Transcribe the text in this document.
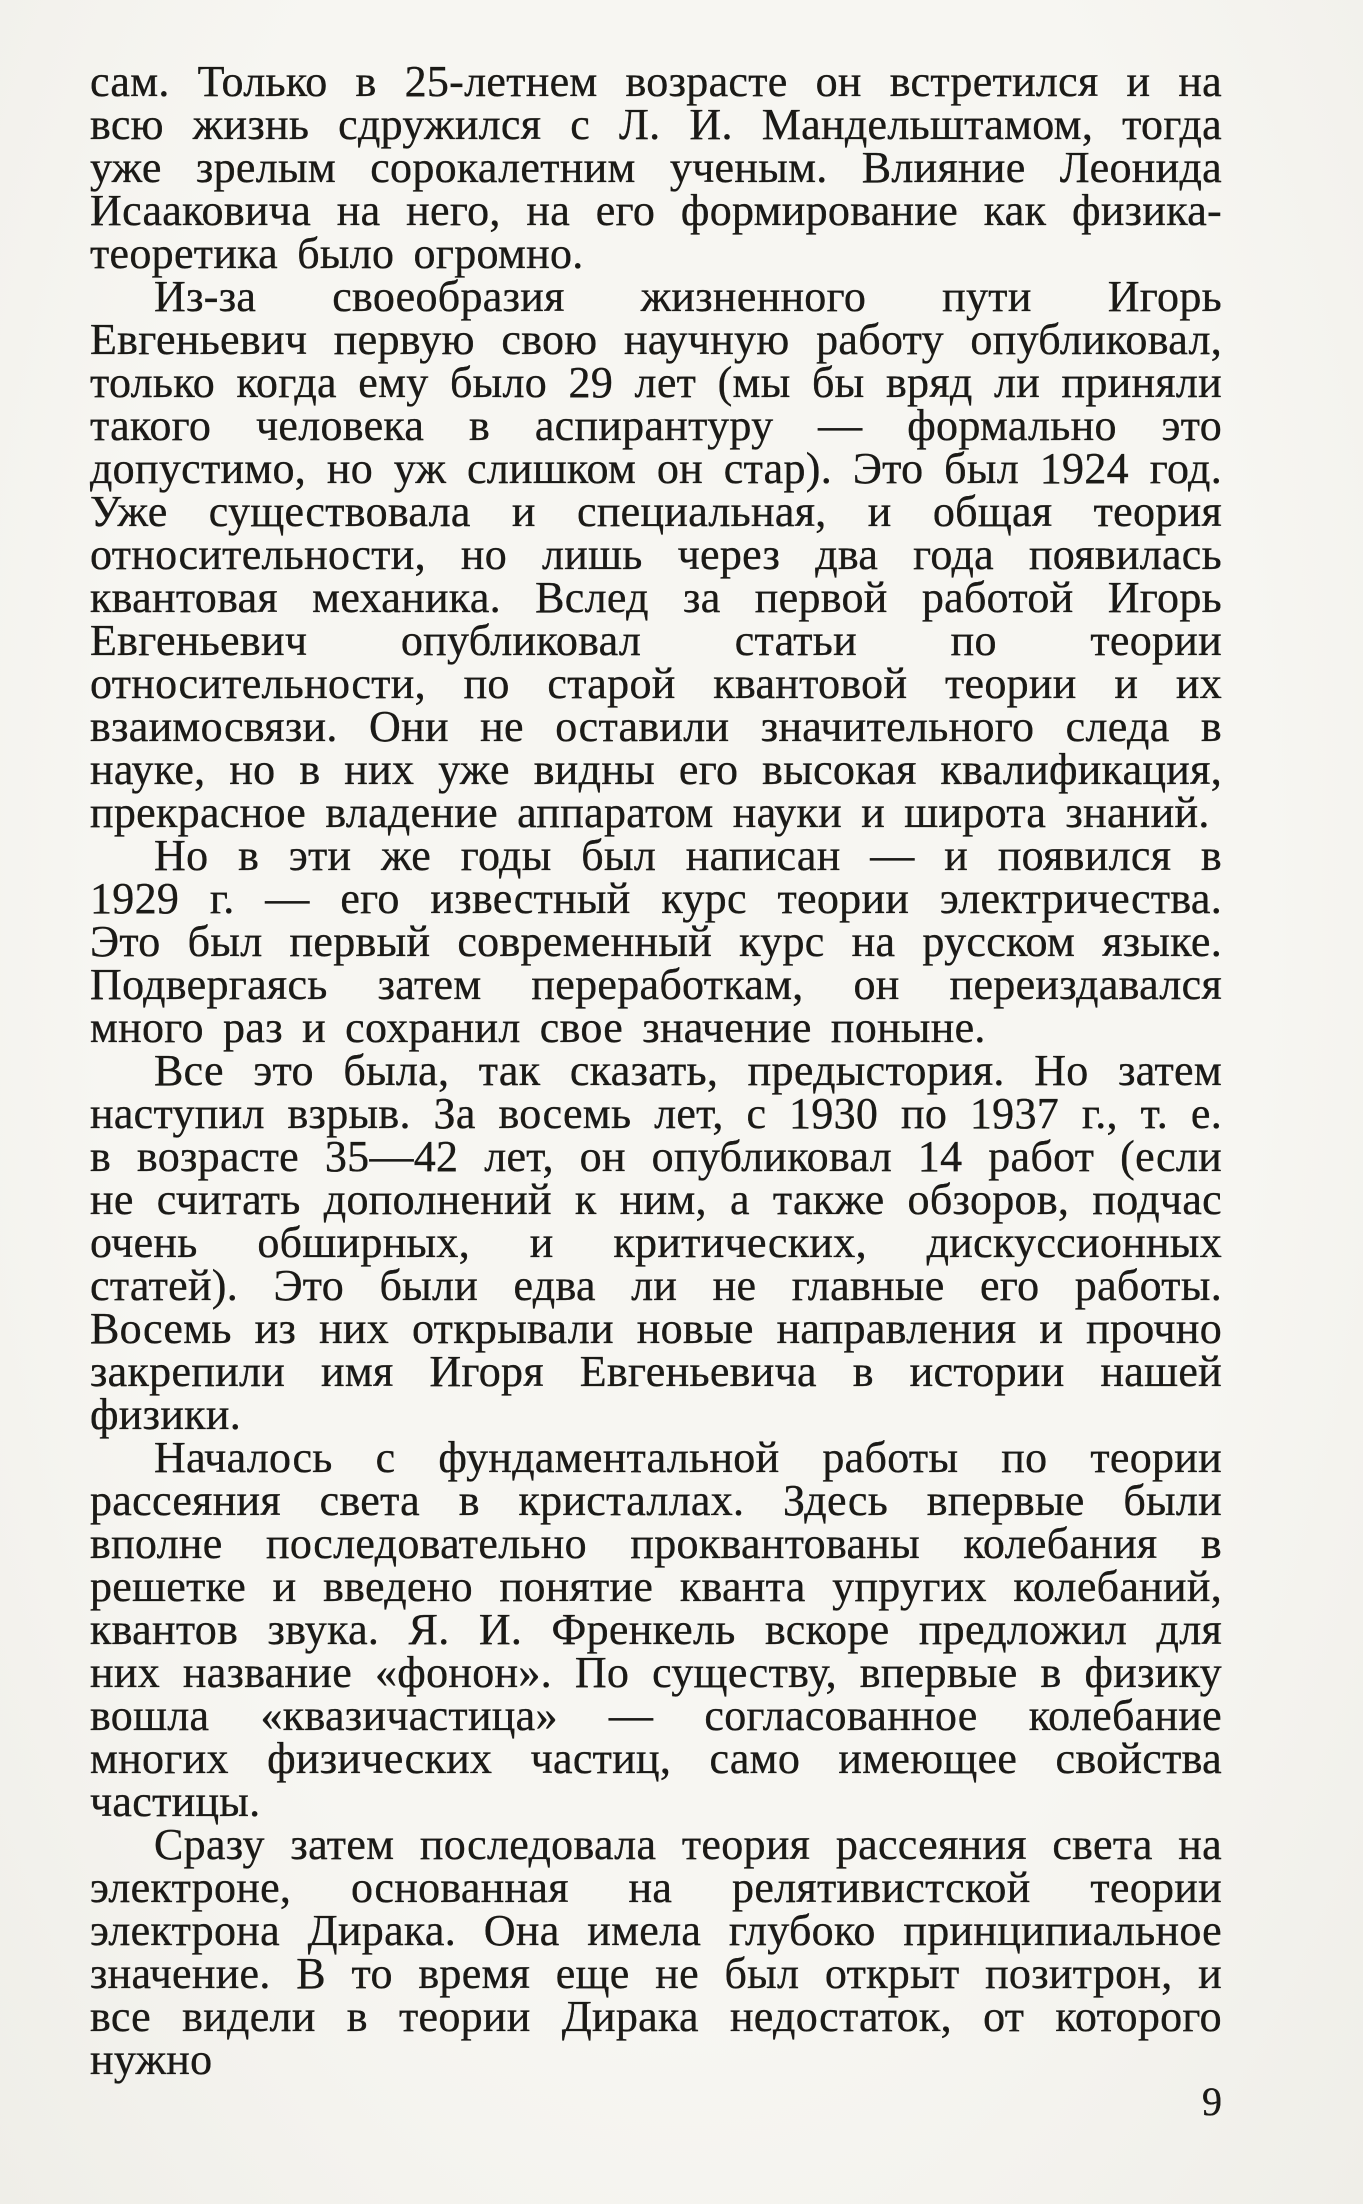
сам. Только в 25-летнем возрасте он встретился и на всю жизнь сдружился с Л. И. Мандельштамом, тогда уже зрелым сорокалетним ученым. Влияние Леонида Исааковича на него, на его формирование как физика-теоретика было огромно.

Из-за своеобразия жизненного пути Игорь Евгеньевич первую свою научную работу опубликовал, только когда ему было 29 лет (мы бы вряд ли приняли такого человека в аспирантуру — формально это допустимо, но уж слишком он стар). Это был 1924 год. Уже существовала и специальная, и общая теория относительности, но лишь через два года появилась квантовая механика. Вслед за первой работой Игорь Евгеньевич опубликовал статьи по теории относительности, по старой квантовой теории и их взаимосвязи. Они не оставили значительного следа в науке, но в них уже видны его высокая квалификация, прекрасное владение аппаратом науки и широта знаний.

Но в эти же годы был написан — и появился в 1929 г. — его известный курс теории электричества. Это был первый современный курс на русском языке. Подвергаясь затем переработкам, он переиздавался много раз и сохранил свое значение поныне.

Все это была, так сказать, предыстория. Но затем наступил взрыв. За восемь лет, с 1930 по 1937 г., т. е. в возрасте 35—42 лет, он опубликовал 14 работ (если не считать дополнений к ним, а также обзоров, подчас очень обширных, и критических, дискуссионных статей). Это были едва ли не главные его работы. Восемь из них открывали новые направления и прочно закрепили имя Игоря Евгеньевича в истории нашей физики.

Началось с фундаментальной работы по теории рассеяния света в кристаллах. Здесь впервые были вполне последовательно проквантованы колебания в решетке и введено понятие кванта упругих колебаний, квантов звука. Я. И. Френкель вскоре предложил для них название «фонон». По существу, впервые в физику вошла «квазичастица» — согласованное колебание многих физических частиц, само имеющее свойства частицы.

Сразу затем последовала теория рассеяния света на электроне, основанная на релятивистской теории электрона Дирака. Она имела глубоко принципиальное значение. В то время еще не был открыт позитрон, и все видели в теории Дирака недостаток, от которого нужно

9
